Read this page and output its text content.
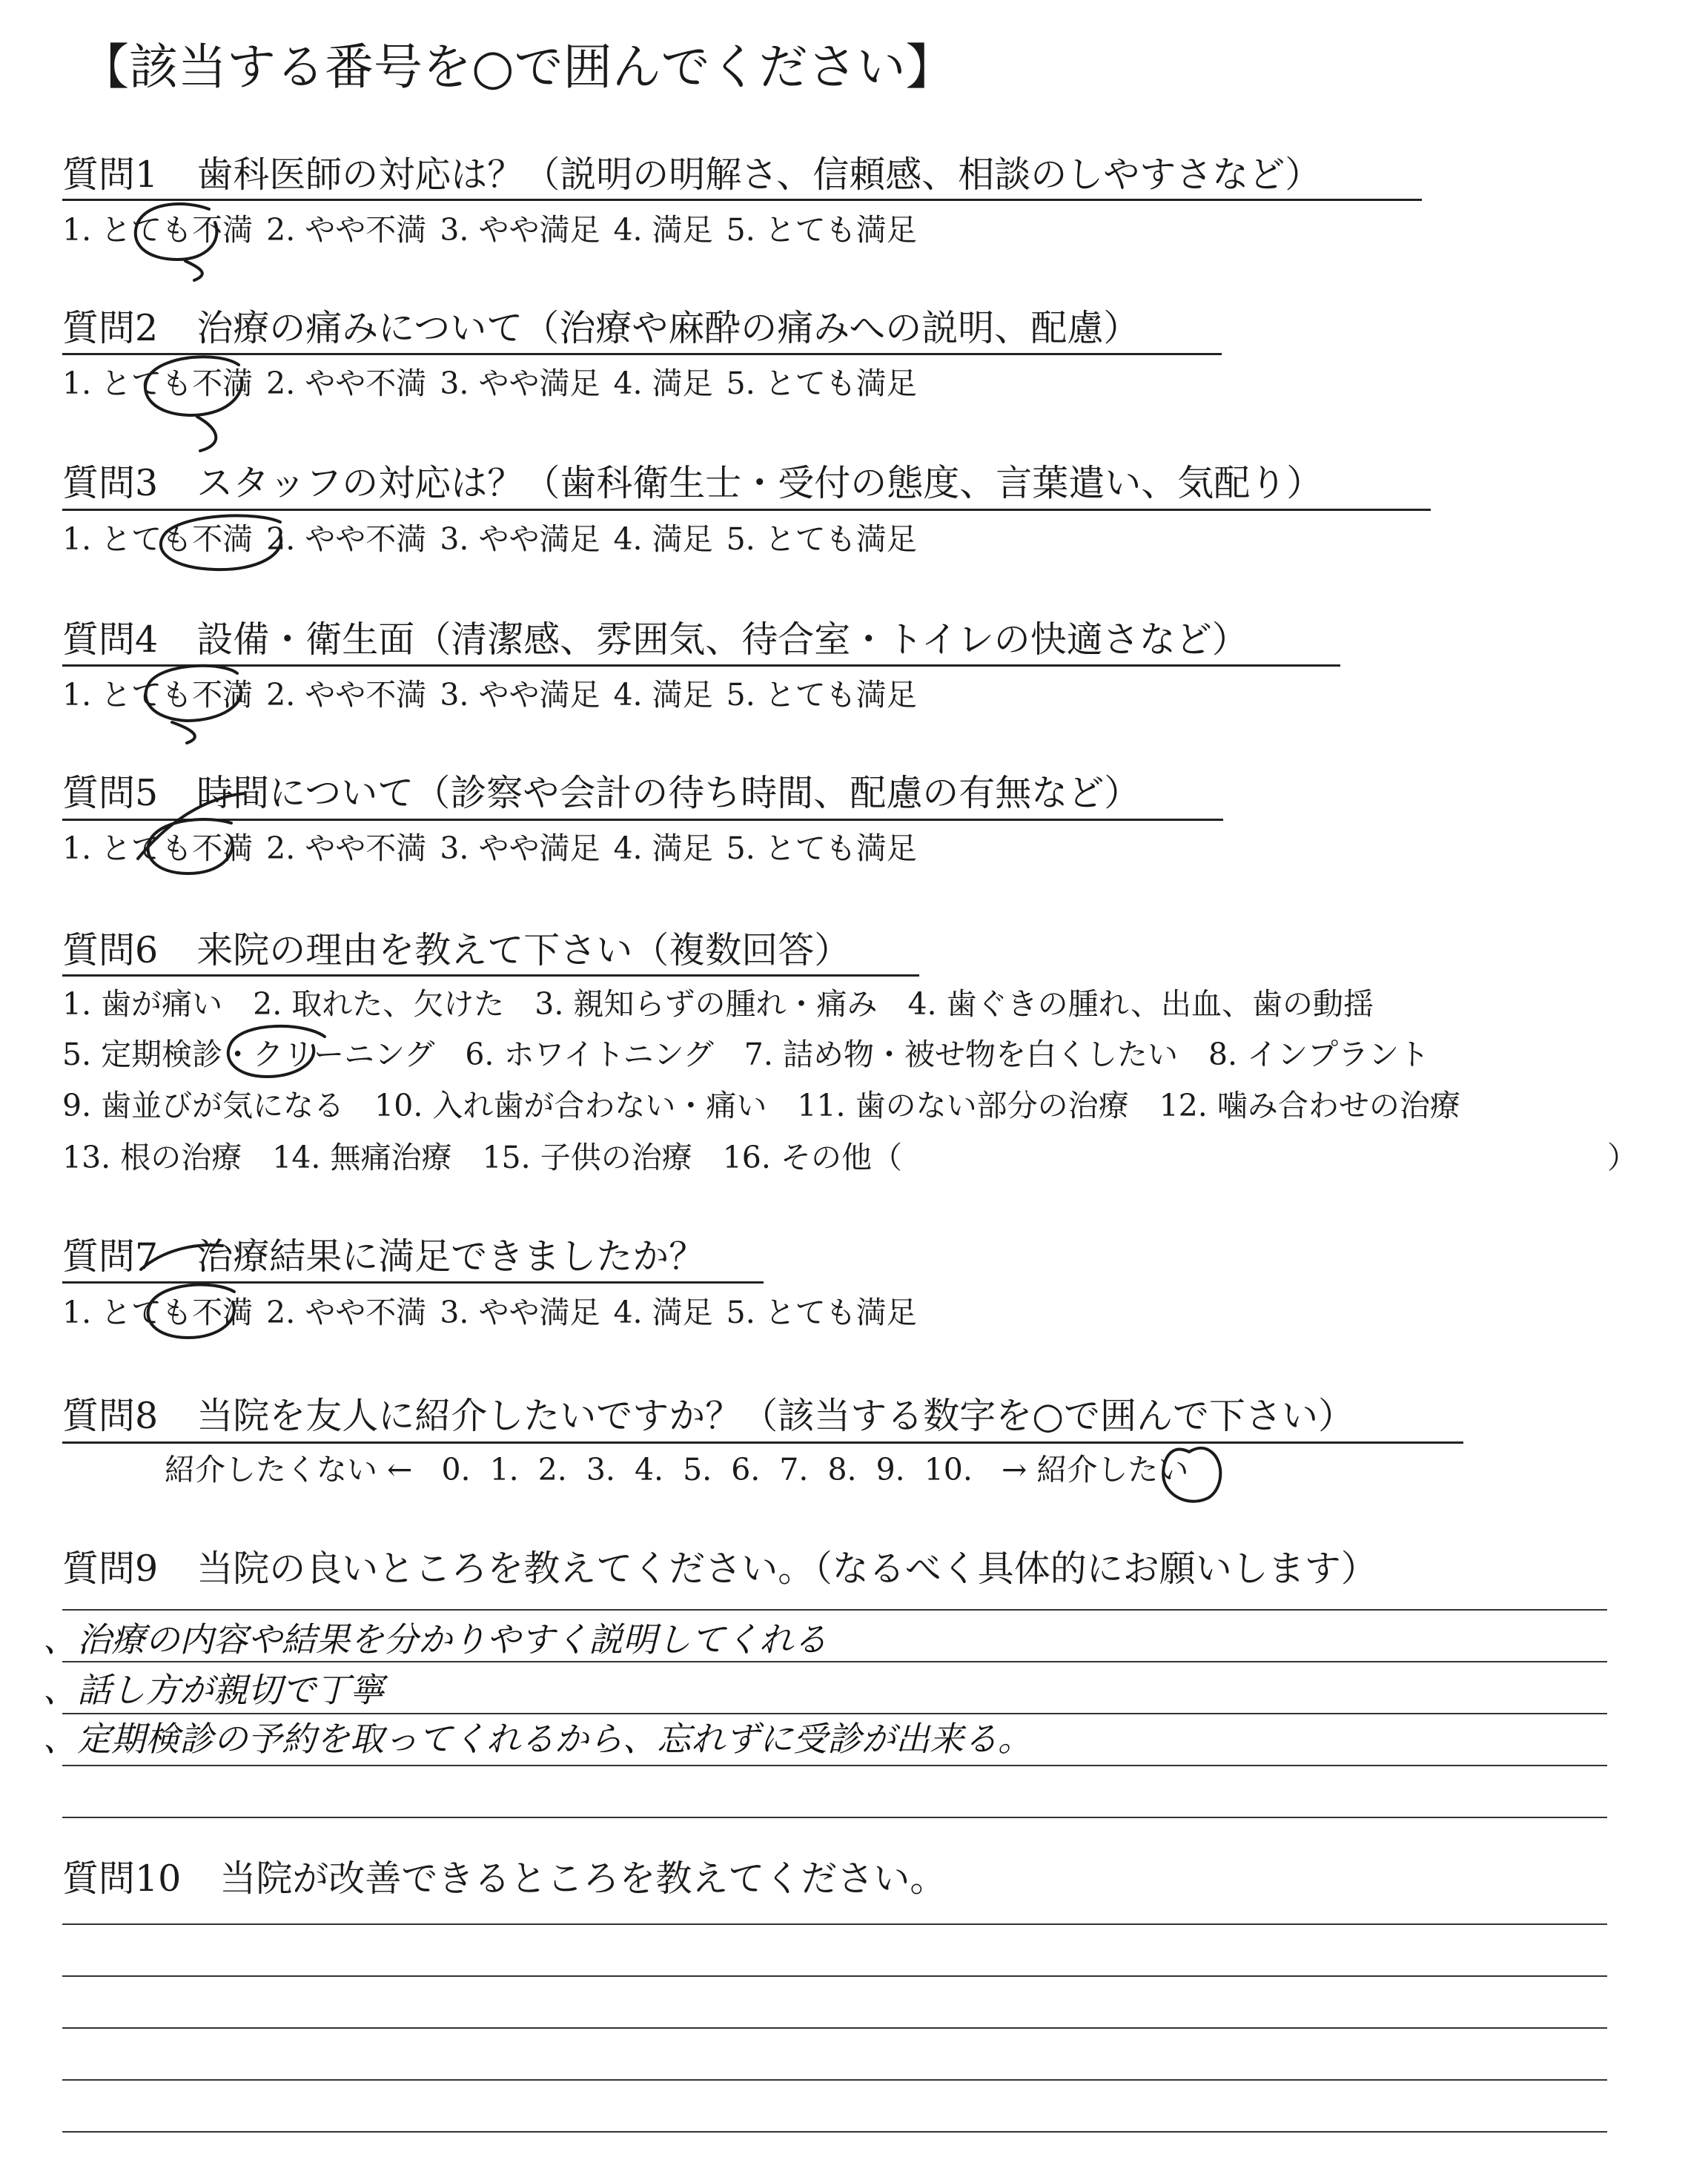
【該当する番号を○で囲んでください】
質問1 歯科医師の対応は？（説明の明解さ、信頼感、相談のしやすさなど）
1. とても不満 2. やや不満 3. やや満足 4. 満足 5. とても満足
質問2 治療の痛みについて（治療や麻酔の痛みへの説明、配慮）
1. とても不満 2. やや不満 3. やや満足 4. 満足 5. とても満足
質問3 スタッフの対応は？（歯科衛生士・受付の態度、言葉遣い、気配り）
1. とても不満 2. やや不満 3. やや満足 4. 満足 5. とても満足
質問4 設備・衛生面（清潔感、雰囲気、待合室・トイレの快適さなど）
1. とても不満 2. やや不満 3. やや満足 4. 満足 5. とても満足
質問5 時間について（診察や会計の待ち時間、配慮の有無など）
1. とても不満 2. やや不満 3. やや満足 4. 満足 5. とても満足
質問6 来院の理由を教えて下さい（複数回答）
1. 歯が痛い　2. 取れた、欠けた　3. 親知らずの腫れ・痛み　4. 歯ぐきの腫れ、出血、歯の動揺
5. 定期検診・クリーニング　6. ホワイトニング　7. 詰め物・被せ物を白くしたい　8. インプラント
9. 歯並びが気になる　10. 入れ歯が合わない・痛い　11. 歯のない部分の治療　12. 噛み合わせの治療
13. 根の治療　14. 無痛治療　15. 子供の治療　16. その他（	）
質問7 治療結果に満足できましたか？
1. とても不満 2. やや不満 3. やや満足 4. 満足 5. とても満足
質問8 当院を友人に紹介したいですか？（該当する数字を○で囲んで下さい）
紹介したくない ← 0. 1. 2. 3. 4. 5. 6. 7. 8. 9. 10. → 紹介したい
質問9 当院の良いところを教えてください。（なるべく具体的にお願いします）
、治療の内容や結果を分かりやすく説明してくれる
、話し方が親切で丁寧
、定期検診の予約を取ってくれるから、忘れずに受診が出来る。
質問10 当院が改善できるところを教えてください。
